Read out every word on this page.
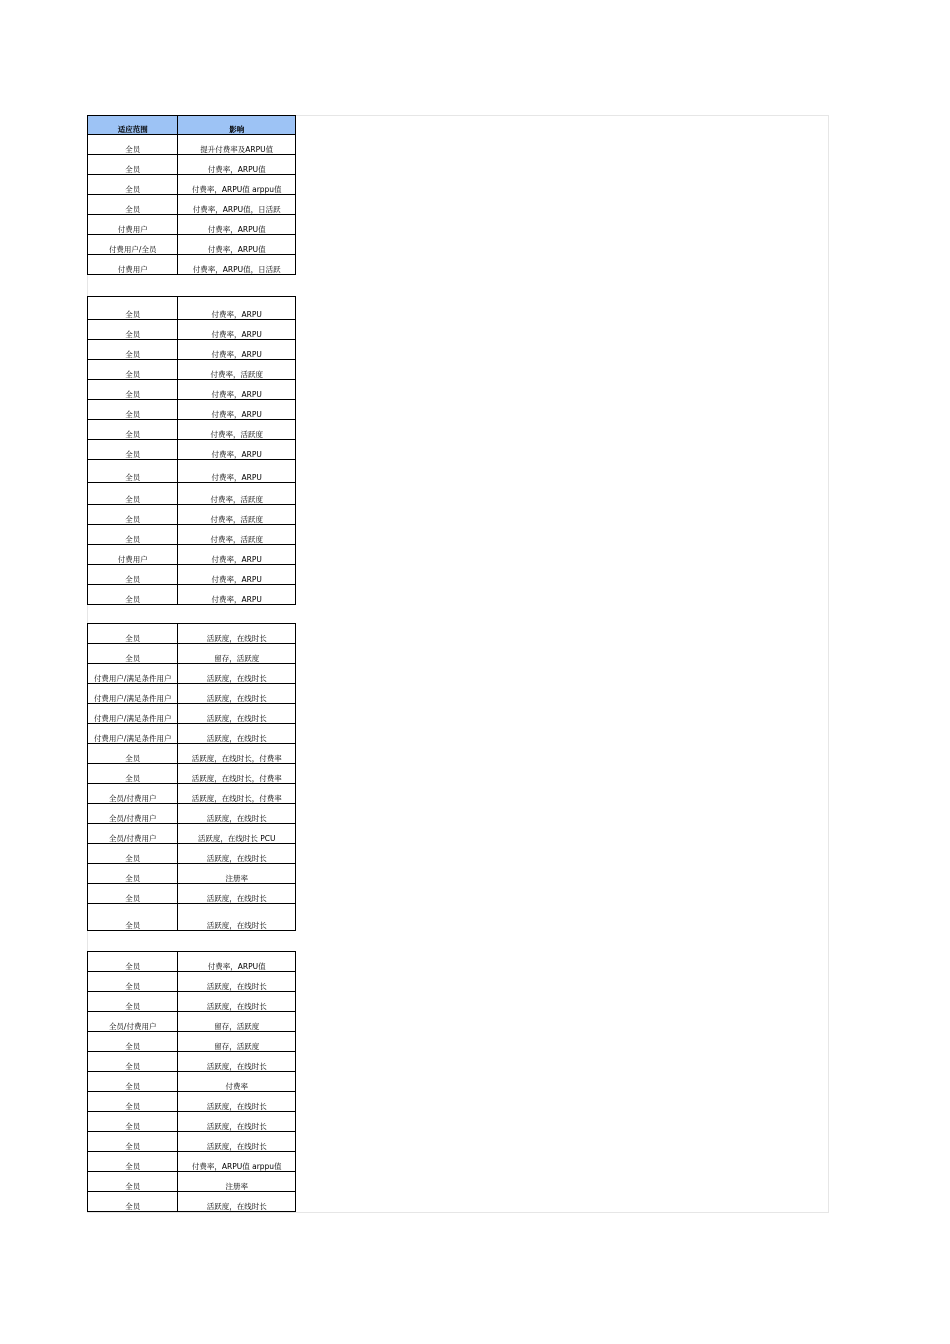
适应范围	影响
全员	提升付费率及ARPU值
全员	付费率，ARPU值
全员	付费率，ARPU值 arppu值
全员	付费率，ARPU值，日活跃
付费用户	付费率，ARPU值
付费用户/全员	付费率，ARPU值
付费用户	付费率，ARPU值，日活跃
全员	付费率，ARPU
全员	付费率，ARPU
全员	付费率，ARPU
全员	付费率，活跃度
全员	付费率，ARPU
全员	付费率，ARPU
全员	付费率，活跃度
全员	付费率，ARPU
全员	付费率，ARPU
全员	付费率，活跃度
全员	付费率，活跃度
全员	付费率，活跃度
付费用户	付费率，ARPU
全员	付费率，ARPU
全员	付费率，ARPU
全员	活跃度，在线时长
全员	留存，活跃度
付费用户/满足条件用户	活跃度，在线时长
付费用户/满足条件用户	活跃度，在线时长
付费用户/满足条件用户	活跃度，在线时长
付费用户/满足条件用户	活跃度，在线时长
全员	活跃度，在线时长，付费率
全员	活跃度，在线时长，付费率
全员/付费用户	活跃度，在线时长，付费率
全员/付费用户	活跃度，在线时长
全员/付费用户	活跃度，在线时长 PCU
全员	活跃度，在线时长
全员	注册率
全员	活跃度，在线时长
全员	活跃度，在线时长
全员	付费率，ARPU值
全员	活跃度，在线时长
全员	活跃度，在线时长
全员/付费用户	留存，活跃度
全员	留存，活跃度
全员	活跃度，在线时长
全员	付费率
全员	活跃度，在线时长
全员	活跃度，在线时长
全员	活跃度，在线时长
全员	付费率，ARPU值 arppu值
全员	注册率
全员	活跃度，在线时长
